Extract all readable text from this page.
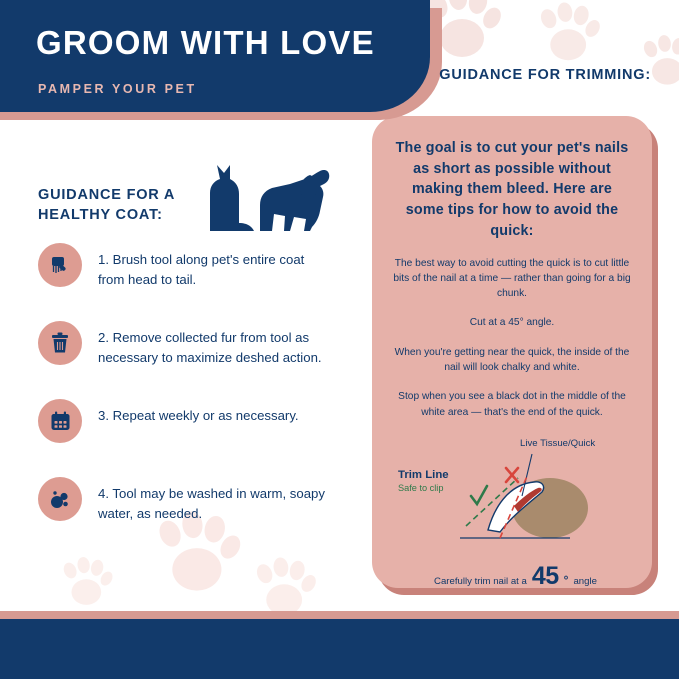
GROOM WITH LOVE
PAMPER YOUR PET
GUIDANCE FOR TRIMMING:
GUIDANCE FOR A HEALTHY COAT:
1. Brush tool along pet's entire coat from head to tail.
2. Remove collected fur from tool as necessary to maximize deshed action.
3. Repeat weekly or as necessary.
4. Tool may be washed in warm, soapy water, as needed.
The goal is to cut your pet's nails as short as possible without making them bleed. Here are some tips for how to avoid the quick:
The best way to avoid cutting the quick is to cut little bits of the nail at a time — rather than going for a big chunk.
Cut at a 45° angle.
When you're getting near the quick, the inside of the nail will look chalky and white.
Stop when you see a black dot in the middle of the white area — that's the end of the quick.
Trim Line
Safe to clip
Live Tissue/Quick
Carefully trim nail at a 45 ° angle
